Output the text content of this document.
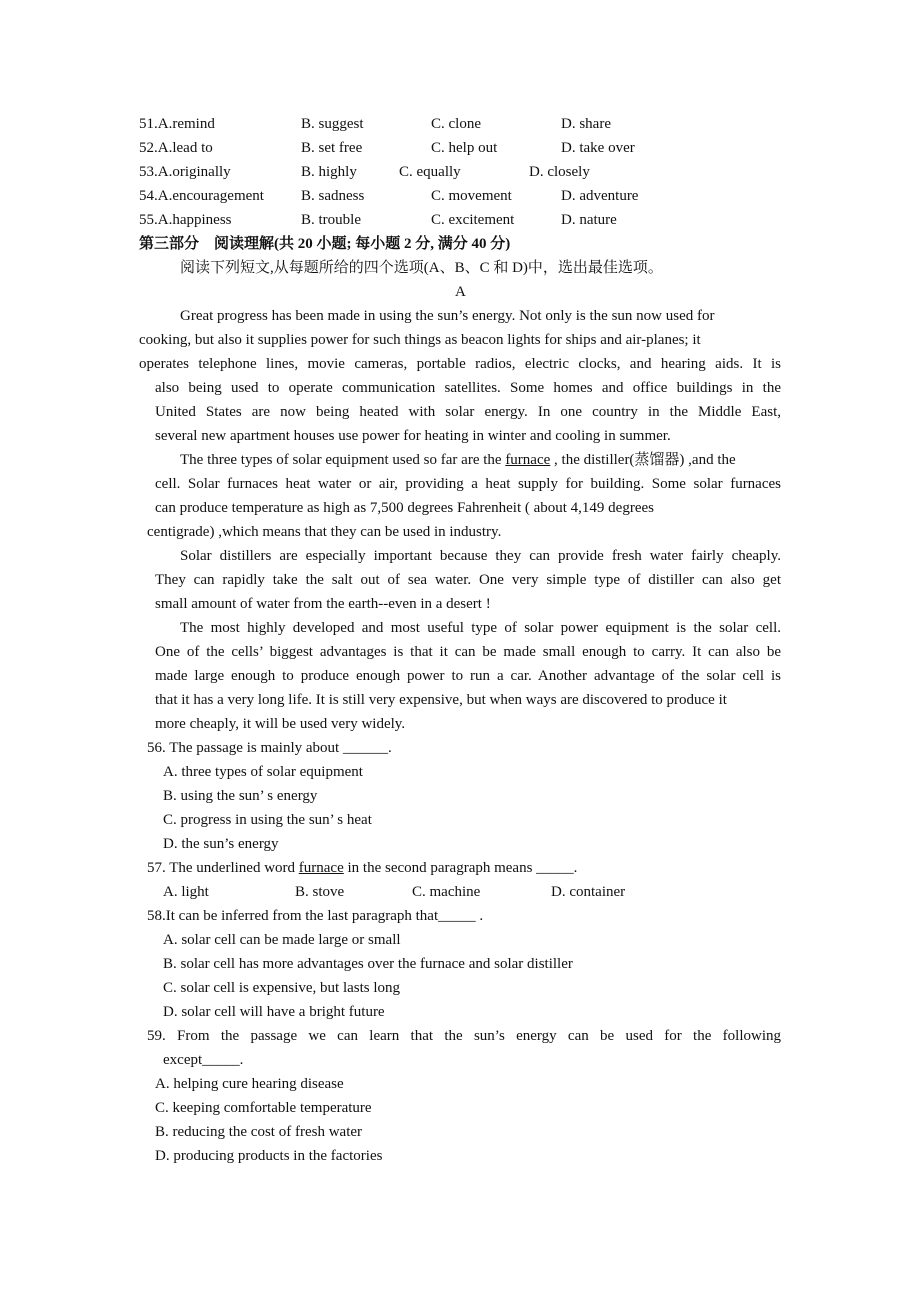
51.A.remind	B. suggest	C. clone	D. share
52.A.lead to	B. set free	C. help out	D. take over
53.A.originally	B. highly	C. equally	D. closely
54.A.encouragement B. sadness	C. movement	D. adventure
55.A.happiness	B. trouble	C. excitement	D. nature
第三部分　阅读理解(共 20 小题; 每小题 2 分, 满分 40 分)
阅读下列短文,从每题所给的四个选项(A、B、C 和 D)中，选出最佳选项。
A
Great progress has been made in using the sun’s energy. Not only is the sun now used for
cooking, but also it supplies power for such things as beacon lights for ships and air-planes; it
operates telephone lines, movie cameras, portable radios, electric clocks, and hearing aids. It is
also being used to operate communication satellites. Some homes and office buildings in the
United States are now being heated with solar energy. In one country in the Middle East,
several new apartment houses use power for heating in winter and cooling in summer.
The three types of solar equipment used so far are the furnace , the distiller(蒸馏器) ,and the
cell. Solar furnaces heat water or air, providing a heat supply for building. Some solar furnaces
can produce temperature as high as 7,500 degrees Fahrenheit ( about 4,149 degrees
centigrade) ,which means that they can be used in industry.
Solar distillers are especially important because they can provide fresh water fairly cheaply.
They can rapidly take the salt out of sea water. One very simple type of distiller can also get
small amount of water from the earth--even in a desert !
The most highly developed and most useful type of solar power equipment is the solar cell.
One of the cells’ biggest advantages is that it can be made small enough to carry. It can also be
made large enough to produce enough power to run a car. Another advantage of the solar cell is
that it has a very long life. It is still very expensive, but when ways are discovered to produce it
more cheaply, it will be used very widely.
56. The passage is mainly about ______.
A. three types of solar equipment
B. using the sun’ s energy
C. progress in using the sun’ s heat
D. the sun’s energy
57. The underlined word furnace in the second paragraph means _____.
A. light	B. stove	C. machine	D. container
58.It can be inferred from the last paragraph that_____ .
A. solar cell can be made large or small
B. solar cell has more advantages over the furnace and solar distiller
C. solar cell is expensive, but lasts long
D. solar cell will have a bright future
59. From the passage we can learn that the sun’s energy can be used for the following
except_____.
A. helping cure hearing disease
C. keeping comfortable temperature
B. reducing the cost of fresh water
D. producing products in the factories
